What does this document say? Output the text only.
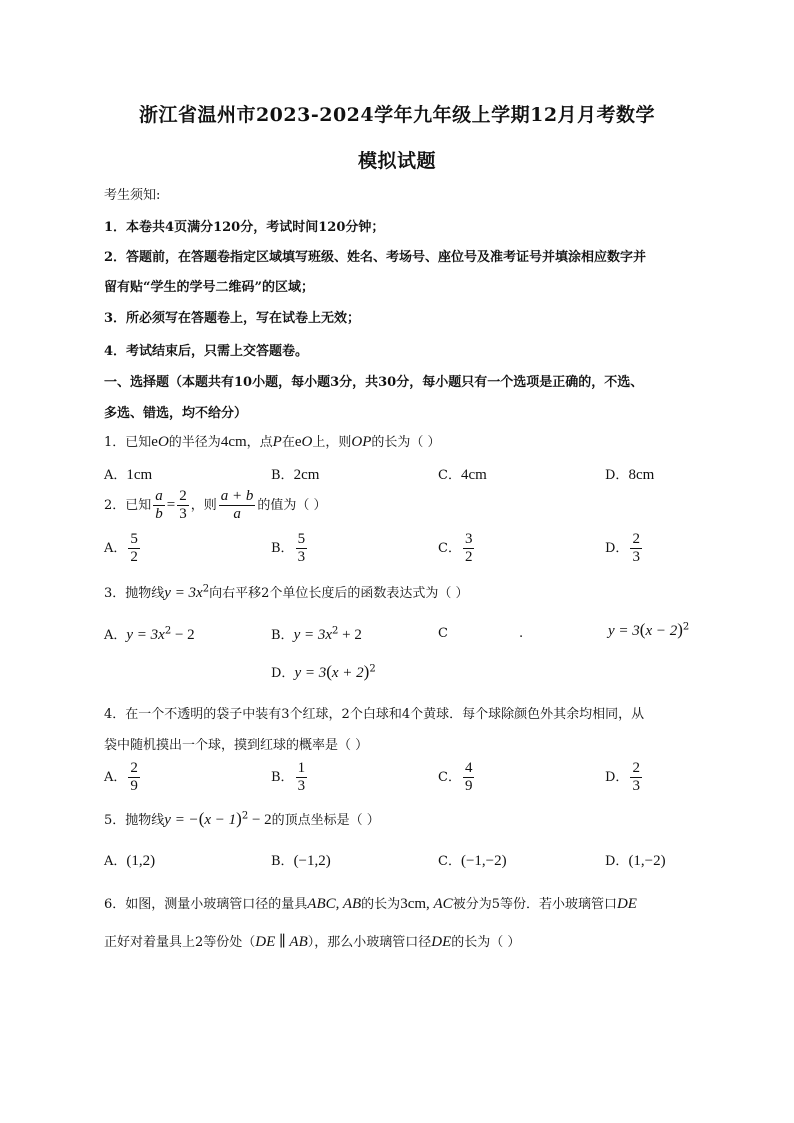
浙江省温州市2023-2024学年九年级上学期12月月考数学
模拟试题
考生须知:
1．本卷共4页满分120分，考试时间120分钟；
2．答题前，在答题卷指定区域填写班级、姓名、考场号、座位号及准考证号并填涂相应数字并
留有贴“学生的学号二维码”的区域；
3．所必须写在答题卷上，写在试卷上无效；
4．考试结束后，只需上交答题卷。
一、选择题（本题共有10小题，每小题3分，共30分，每小题只有一个选项是正确的，不选、
多选、错选，均不给分）
1．已知eO的半径为4cm，点P在eO上，则OP的长为（ ）
A．1cm	B．2cm	C．4cm	D．8cm
2．已知 $\frac{a}{b} = \frac{2}{3}$ ，则 $\frac{a + b}{a}$ 的值为（ ）
A． $\frac{5}{2}$	B． $\frac{5}{3}$	C． $\frac{3}{2}$	D． $\frac{2}{3}$
3．抛物线$y = 3x^2$向右平移2个单位长度后的函数表达式为（ ）
A．$y = 3x^2 - 2$	B．$y = 3x^2 + 2$	C	.	$y = 3(x - 2)^2$
D．$y = 3(x + 2)^2$
4．在一个不透明的袋子中装有3个红球，2个白球和4个黄球．每个球除颜色外其余均相同，从
袋中随机摸出一个球，摸到红球的概率是（ ）
A． $\frac{2}{9}$	B． $\frac{1}{3}$	C． $\frac{4}{9}$	D． $\frac{2}{3}$
5．抛物线$y = -(x - 1)^2 - 2$的顶点坐标是（ ）
A．(1,2)	B．(−1,2)	C．(−1,−2)	D．(1,−2)
6．如图，测量小玻璃管口径的量具ABC, AB的长为3cm, AC被分为5等份．若小玻璃管口DE
正好对着量具上2等份处（DE ∥ AB），那么小玻璃管口径DE的长为（ ）
